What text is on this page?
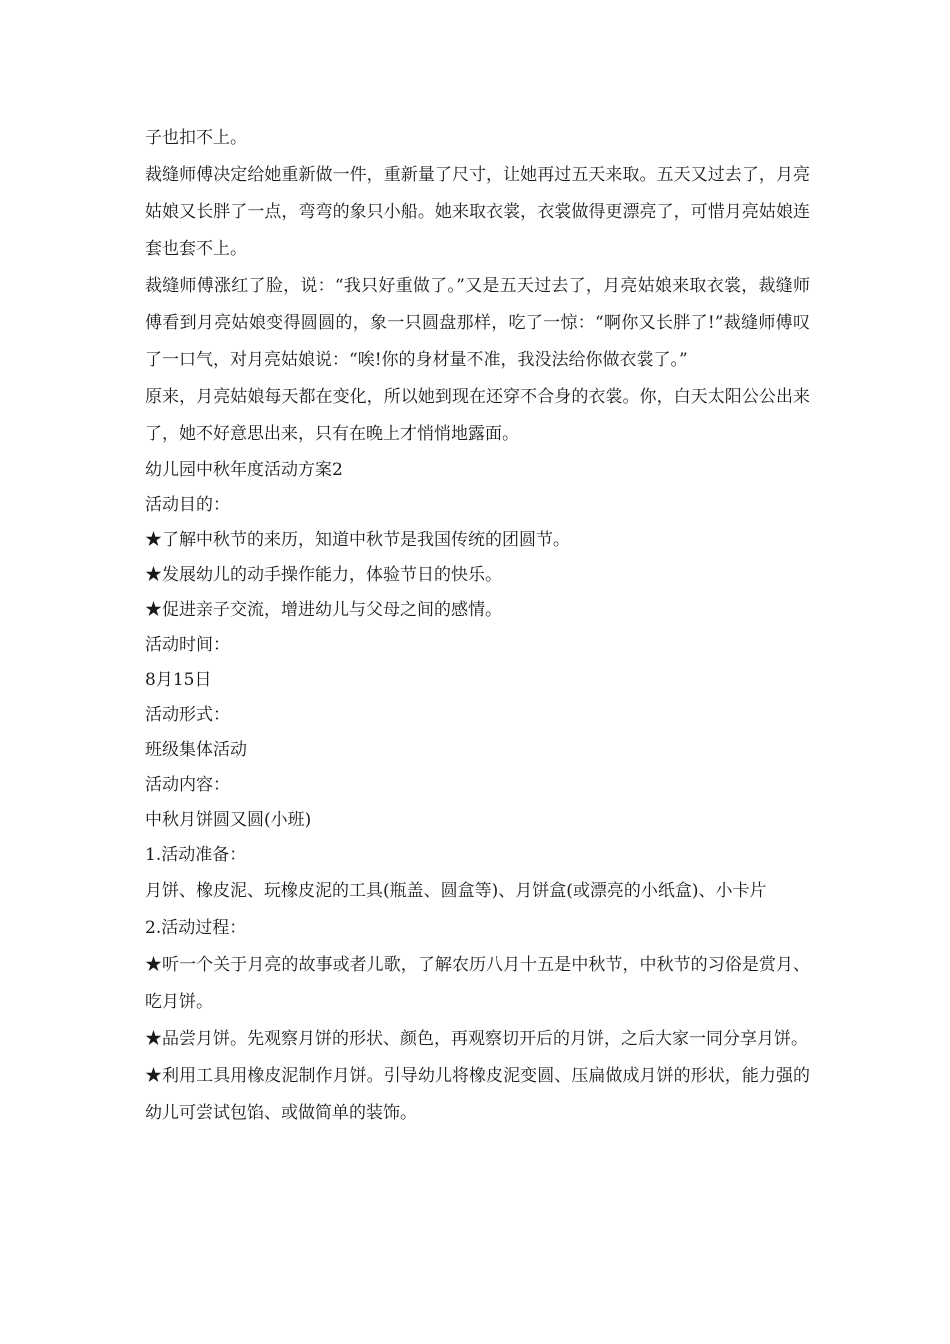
子也扣不上。

裁缝师傅决定给她重新做一件，重新量了尺寸，让她再过五天来取。五天又过去了，月亮姑娘又长胖了一点，弯弯的象只小船。她来取衣裳，衣裳做得更漂亮了，可惜月亮姑娘连套也套不上。

裁缝师傅涨红了脸，说：“我只好重做了。”又是五天过去了，月亮姑娘来取衣裳，裁缝师傅看到月亮姑娘变得圆圆的，象一只圆盘那样，吃了一惊：“啊你又长胖了!”裁缝师傅叹了一口气，对月亮姑娘说：“唉!你的身材量不准，我没法给你做衣裳了。”

原来，月亮姑娘每天都在变化，所以她到现在还穿不合身的衣裳。你，白天太阳公公出来了，她不好意思出来，只有在晚上才悄悄地露面。

幼儿园中秋年度活动方案2

活动目的：

★了解中秋节的来历，知道中秋节是我国传统的团圆节。

★发展幼儿的动手操作能力，体验节日的快乐。

★促进亲子交流，增进幼儿与父母之间的感情。

活动时间：

8月15日

活动形式：

班级集体活动

活动内容：

中秋月饼圆又圆(小班)

1.活动准备：

月饼、橡皮泥、玩橡皮泥的工具(瓶盖、圆盒等)、月饼盒(或漂亮的小纸盒)、小卡片

2.活动过程：

★听一个关于月亮的故事或者儿歌，了解农历八月十五是中秋节，中秋节的习俗是赏月、吃月饼。

★品尝月饼。先观察月饼的形状、颜色，再观察切开后的月饼，之后大家一同分享月饼。

★利用工具用橡皮泥制作月饼。引导幼儿将橡皮泥变圆、压扁做成月饼的形状，能力强的幼儿可尝试包馅、或做简单的装饰。
